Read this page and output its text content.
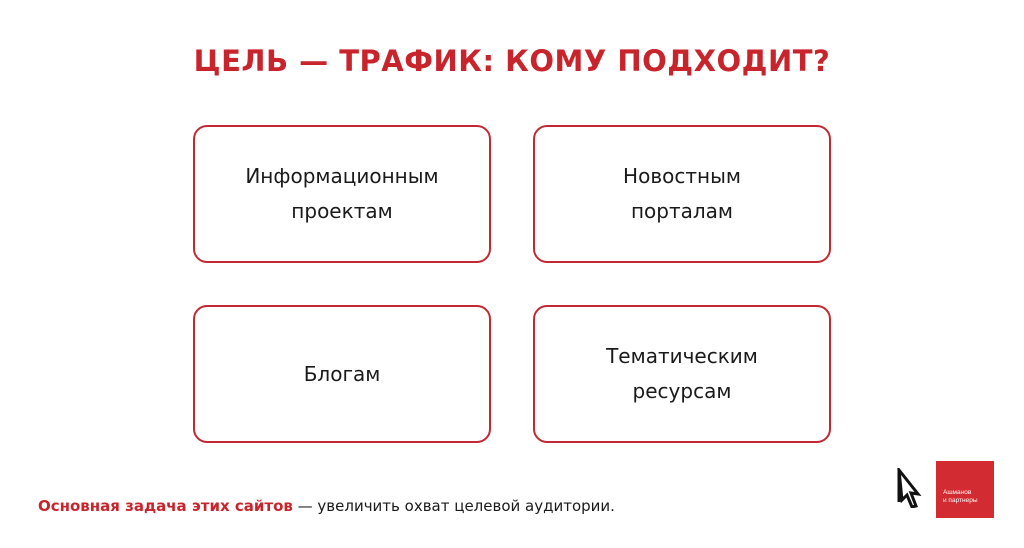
ЦЕЛЬ — ТРАФИК: КОМУ ПОДХОДИТ?
Информационным
проектам
Новостным
порталам
Блогам
Тематическим
ресурсам
Основная задача этих сайтов — увеличить охват целевой аудитории.
Ашманов
и партнеры
